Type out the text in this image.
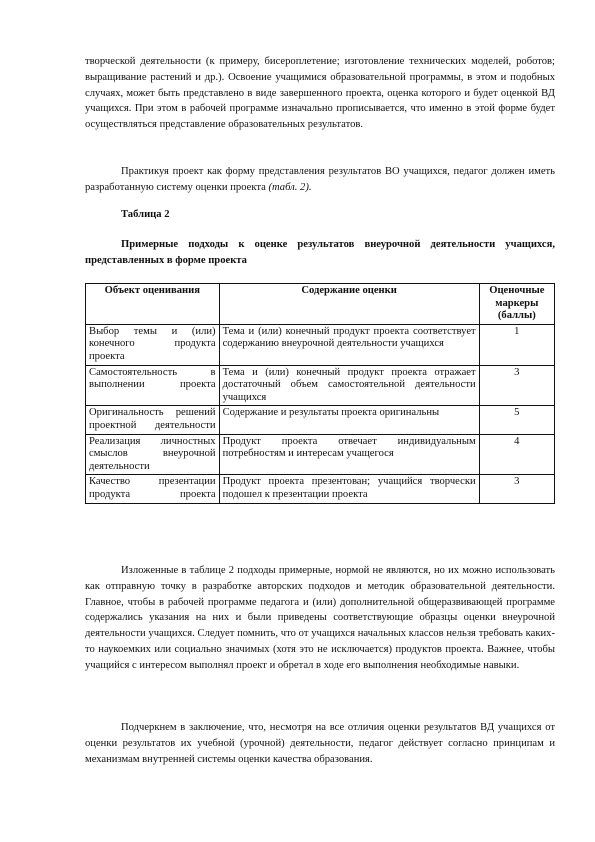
творческой деятельности (к примеру, бисероплетение; изготовление технических моделей, роботов; выращивание растений и др.). Освоение учащимися образовательной программы, в этом и подобных случаях, может быть представлено в виде завершенного проекта, оценка которого и будет оценкой ВД учащихся. При этом в рабочей программе изначально прописывается, что именно в этой форме будет осуществляться представление образовательных результатов.

Практикуя проект как форму представления результатов ВО учащихся, педагог должен иметь разработанную систему оценки проекта (табл. 2).

Таблица 2

Примерные подходы к оценке результатов внеурочной деятельности учащихся, представленных в форме проекта

Объект оценивания	Содержание оценки	Оценочные маркеры (баллы)
Выбор темы и (или) конечного продукта проекта	Тема и (или) конечный продукт проекта соответствует содержанию внеурочной деятельности учащихся	1
Самостоятельность в выполнении проекта	Тема и (или) конечный продукт проекта отражает достаточный объем самостоятельной деятельности учащихся	3
Оригинальность решений проектной деятельности	Содержание и результаты проекта оригинальны	5
Реализация личностных смыслов внеурочной деятельности	Продукт проекта отвечает индивидуальным потребностям и интересам учащегося	4
Качество презентации продукта проекта	Продукт проекта презентован; учащийся творчески подошел к презентации проекта	3

Изложенные в таблице 2 подходы примерные, нормой не являются, но их можно использовать как отправную точку в разработке авторских подходов и методик образовательной деятельности. Главное, чтобы в рабочей программе педагога и (или) дополнительной общеразвивающей программе содержались указания на них и были приведены соответствующие образцы оценки внеурочной деятельности учащихся. Следует помнить, что от учащихся начальных классов нельзя требовать каких-то наукоемких или социально значимых (хотя это не исключается) продуктов проекта. Важнее, чтобы учащийся с интересом выполнял проект и обретал в ходе его выполнения необходимые навыки.

Подчеркнем в заключение, что, несмотря на все отличия оценки результатов ВД учащихся от оценки результатов их учебной (урочной) деятельности, педагог действует согласно принципам и механизмам внутренней системы оценки качества образования.
